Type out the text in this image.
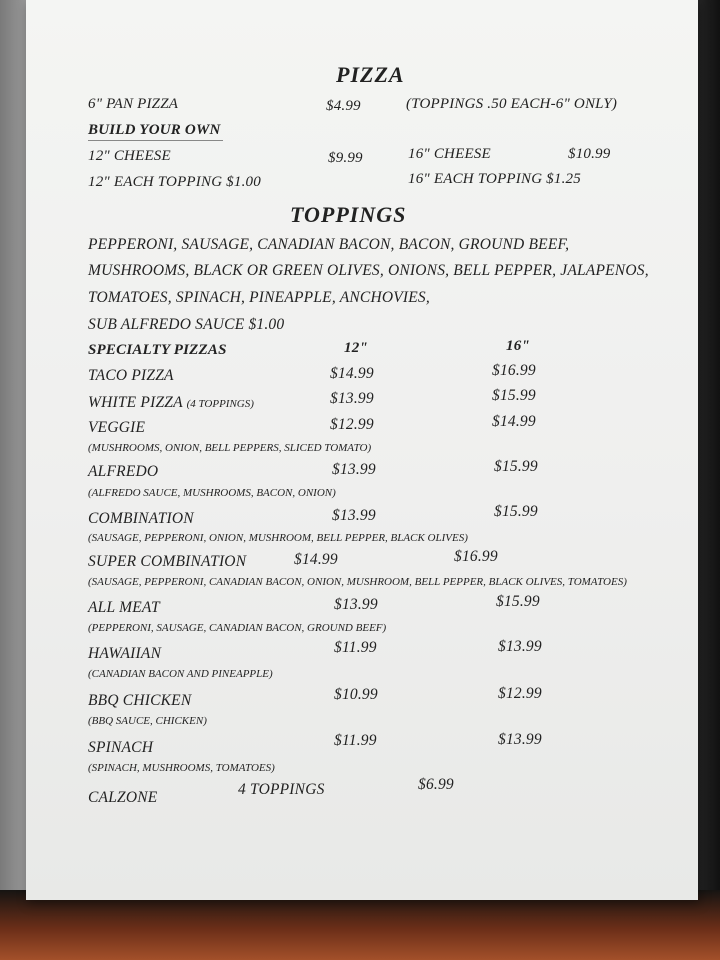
PIZZA
6" PAN PIZZA	$4.99	(TOPPINGS .50 EACH-6" ONLY)
BUILD YOUR OWN
12" CHEESE	$9.99	16" CHEESE	$10.99
12" EACH TOPPING $1.00	16" EACH TOPPING $1.25
TOPPINGS
PEPPERONI, SAUSAGE, CANADIAN BACON, BACON, GROUND BEEF,
MUSHROOMS, BLACK OR GREEN OLIVES, ONIONS, BELL PEPPER, JALAPENOS,
TOMATOES, SPINACH, PINEAPPLE, ANCHOVIES,
SUB ALFREDO SAUCE $1.00
SPECIALTY PIZZAS	12"	16"
TACO PIZZA	$14.99	$16.99
WHITE PIZZA (4 TOPPINGS)	$13.99	$15.99
VEGGIE	$12.99	$14.99
(MUSHROOMS, ONION, BELL PEPPERS, SLICED TOMATO)
ALFREDO	$13.99	$15.99
(ALFREDO SAUCE, MUSHROOMS, BACON, ONION)
COMBINATION	$13.99	$15.99
(SAUSAGE, PEPPERONI, ONION, MUSHROOM, BELL PEPPER, BLACK OLIVES)
SUPER COMBINATION	$14.99	$16.99
(SAUSAGE, PEPPERONI, CANADIAN BACON, ONION, MUSHROOM, BELL PEPPER, BLACK OLIVES, TOMATOES)
ALL MEAT	$13.99	$15.99
(PEPPERONI, SAUSAGE, CANADIAN BACON, GROUND BEEF)
HAWAIIAN	$11.99	$13.99
(CANADIAN BACON AND PINEAPPLE)
BBQ CHICKEN	$10.99	$12.99
(BBQ SAUCE, CHICKEN)
SPINACH	$11.99	$13.99
(SPINACH, MUSHROOMS, TOMATOES)
CALZONE	4 TOPPINGS	$6.99
